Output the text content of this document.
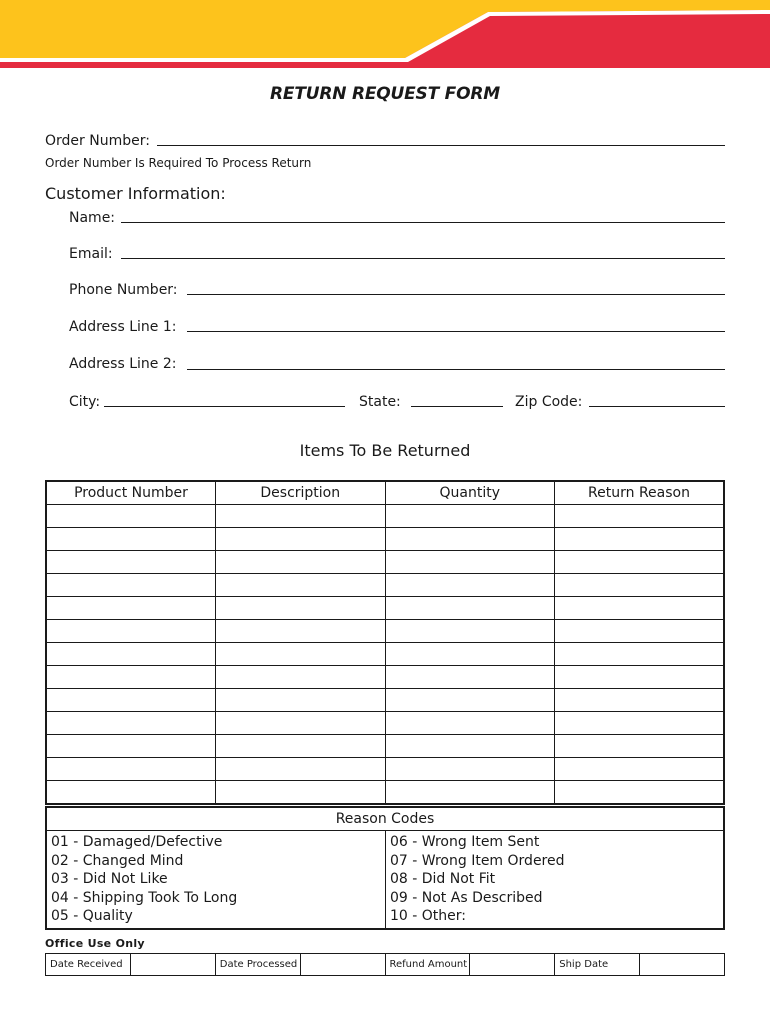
RETURN REQUEST FORM
Order Number:
Order Number Is Required To Process Return
Customer Information:
Name:
Email:
Phone Number:
Address Line 1:
Address Line 2:
City:	State:	Zip Code:
Items To Be Returned
Product Number	Description	Quantity	Return Reason

Reason Codes
01 - Damaged/Defective
02 - Changed Mind
03 - Did Not Like
04 - Shipping Took To Long
05 - Quality
06 - Wrong Item Sent
07 - Wrong Item Ordered
08 - Did Not Fit
09 - Not As Described
10 - Other:
Office Use Only
Date Received		Date Processed		Refund Amount		Ship Date	
